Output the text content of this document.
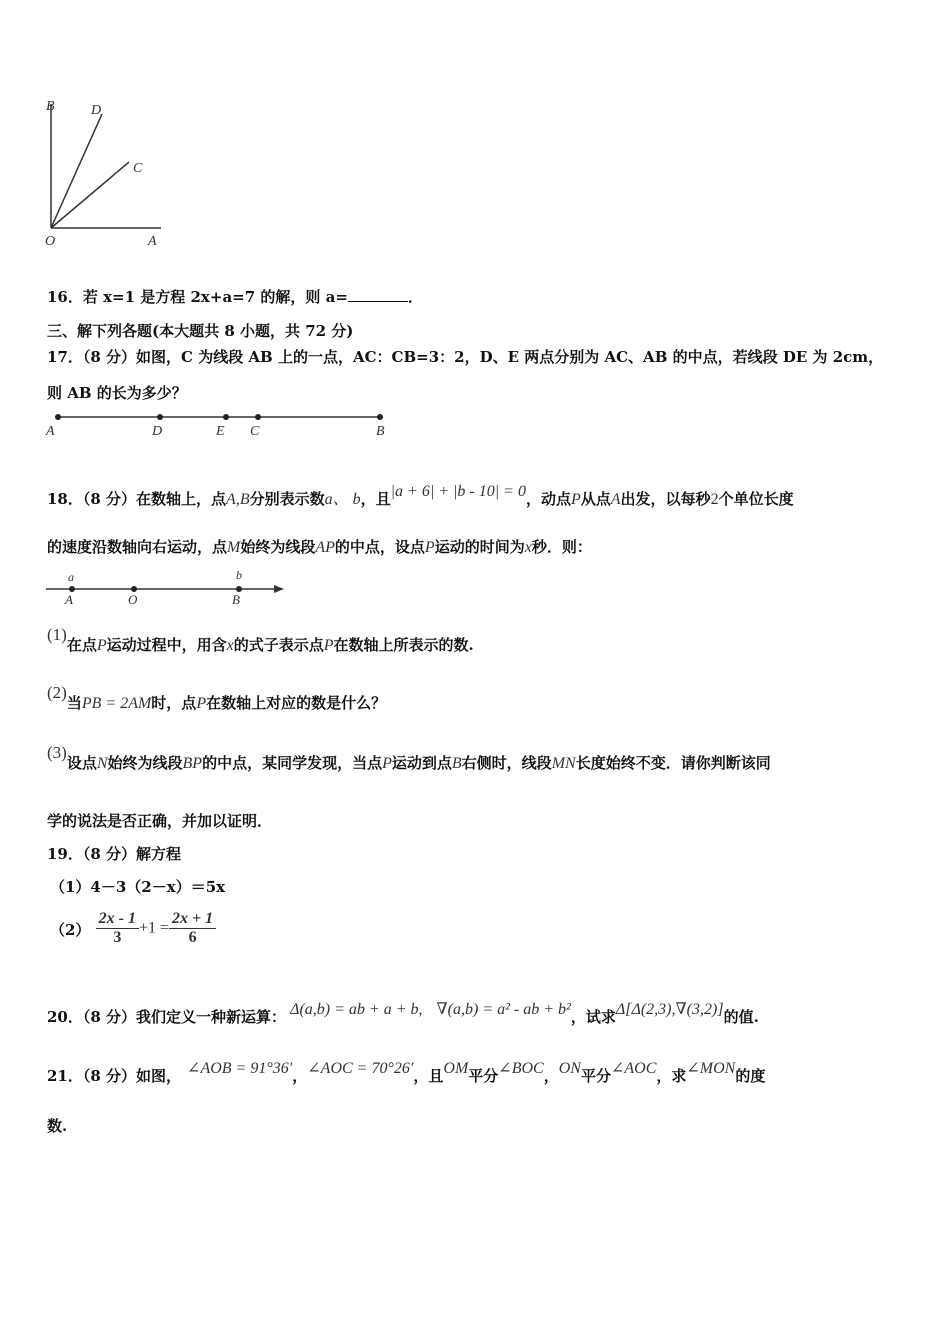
B	D
C
O	A
16．若 x=1 是方程 2x+a=7 的解，则 a=	．
三、解下列各题(本大题共 8 小题，共 72 分)
17．（8 分）如图，C 为线段 AB 上的一点，AC：CB=3：2，D、E 两点分别为 AC、AB 的中点，若线段 DE 为 2cm，
则 AB 的长为多少？
A	D	E C	B
18．（8 分）在数轴上，点A,B分别表示数a、 b，且|a + 6| + |b - 10| = 0，动点P从点A出发，以每秒2个单位长度
的速度沿数轴向右运动，点M始终为线段AP的中点，设点P运动的时间为x秒．则：
a	b
A	O	B
(1)在点P运动过程中，用含x的式子表示点P在数轴上所表示的数.
(2)当PB = 2AM时，点P在数轴上对应的数是什么？
(3)设点N始终为线段BP的中点，某同学发现，当点P运动到点B右侧时，线段MN长度始终不变．请你判断该同
学的说法是否正确，并加以证明．
19．（8 分）解方程
（1）4－3（2－x）＝5x
$(2) \frac{2x - 1}{3} +1 = \frac{2x + 1}{6}$
20．（8 分）我们定义一种新运算： Δ(a,b) = ab + a + b, ∇(a,b) = a² - ab + b²，试求Δ[Δ(2,3),∇(3,2)]的值.
21．（8 分）如图， ∠AOB = 91°36′，∠AOC = 70°26′，且OM平分∠BOC，ON平分∠AOC，求∠MON的度
数.
